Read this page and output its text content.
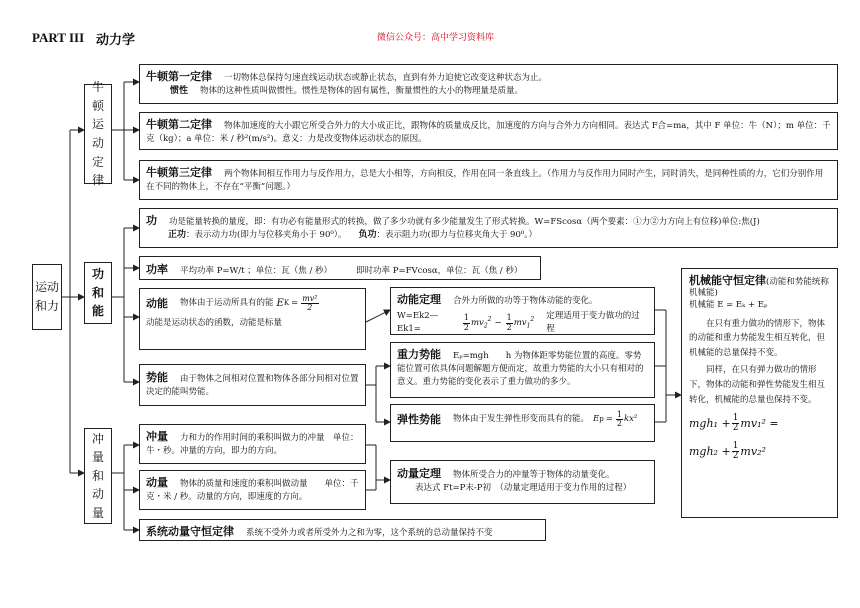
PART III 动力学	微信公众号：高中学习资料库
运动和力
牛顿运动定律
功和能
冲量和动量
牛顿第一定律 一切物体总保持匀速直线运动状态或静止状态，直到有外力迫使它改变这种状态为止。
惯性 物体的这种性质叫做惯性。惯性是物体的固有属性，衡量惯性的大小的物理量是质量。
牛顿第二定律 物体加速度的大小跟它所受合外力的大小成正比，跟物体的质量成反比，加速度的方向与合外力方向相同。表达式 F合=ma，其中 F 单位：牛（N）；m 单位：千克（kg）；a 单位：米 / 秒²(m/s²)。意义：力是改变物体运动状态的原因。
牛顿第三定律 两个物体间相互作用力与反作用力，总是大小相等，方向相反，作用在同一条直线上。（作用力与反作用力同时产生，同时消失，是同种性质的力，它们分别作用在不同的物体上，不存在“平衡”问题。）
功 功是能量转换的量度，即：有功必有能量形式的转换，做了多少功就有多少能量发生了形式转换。W=FScosα（两个要素：①力②力方向上有位移)单位:焦(J)
正功：表示动力功(即力与位移夹角小于 90⁰）。 负功：表示阻力功(即力与位移夹角大于 90⁰。）
功率 平均功率 P=W/t ；单位：瓦（焦 / 秒）	即时功率 P=FVcosα，单位：瓦（焦 / 秒）
动能 物体由于运动所具有的能 E $K = \frac{\text{mv²}}{2}$
动能是运动状态的函数，动能是标量
势能 由于物体之间相对位置和物体各部分间相对位置决定的能叫势能。
冲量 力和力的作用时间的乘积叫做力的冲量　单位：牛・秒。冲量的方向，即力的方向。
动量 物体的质量和速度的乘积叫做动量　　单位：千克・米 / 秒。动量的方向，即速度的方向。
系统动量守恒定律 系统不受外力或者所受外力之和为零，这个系统的总动量保持不变
动能定理 合外力所做的功等于物体动能的变化。
W=Ek2—Ek1=	$\frac{1}{2} mv_2^2 - \frac{1}{2} mv_1^2$ 定理适用于变力做功的过程
重力势能 Eₚ=mgh　　h 为物体距零势能位置的高度。零势能位置可依具体问题解题方便而定，故重力势能的大小只有相对的意义。重力势能的变化表示了重力做功的多少。
弹性势能 物体由于发生弹性形变而具有的能。 E $p = \frac{1}{2} kx^2$
动量定理 物体所受合力的冲量等于物体的动量变化。
表达式 Ft=P末-P初　（动量定理适用于变力作用的过程）
机械能守恒定律(动能和势能统称机械能)
机械能 E = Eₖ + Eₚ
在只有重力做功的情形下，物体的动能和重力势能发生相互转化，但机械能的总量保持不变。
同样，在只有弹力做功的情形下，物体的动能和弹性势能发生相互转化，机械能的总量也保持不变。
$mgh_1 + \frac{1}{2} mv_1^2$ =
$mgh_2 + \frac{1}{2} mv_2^2$
